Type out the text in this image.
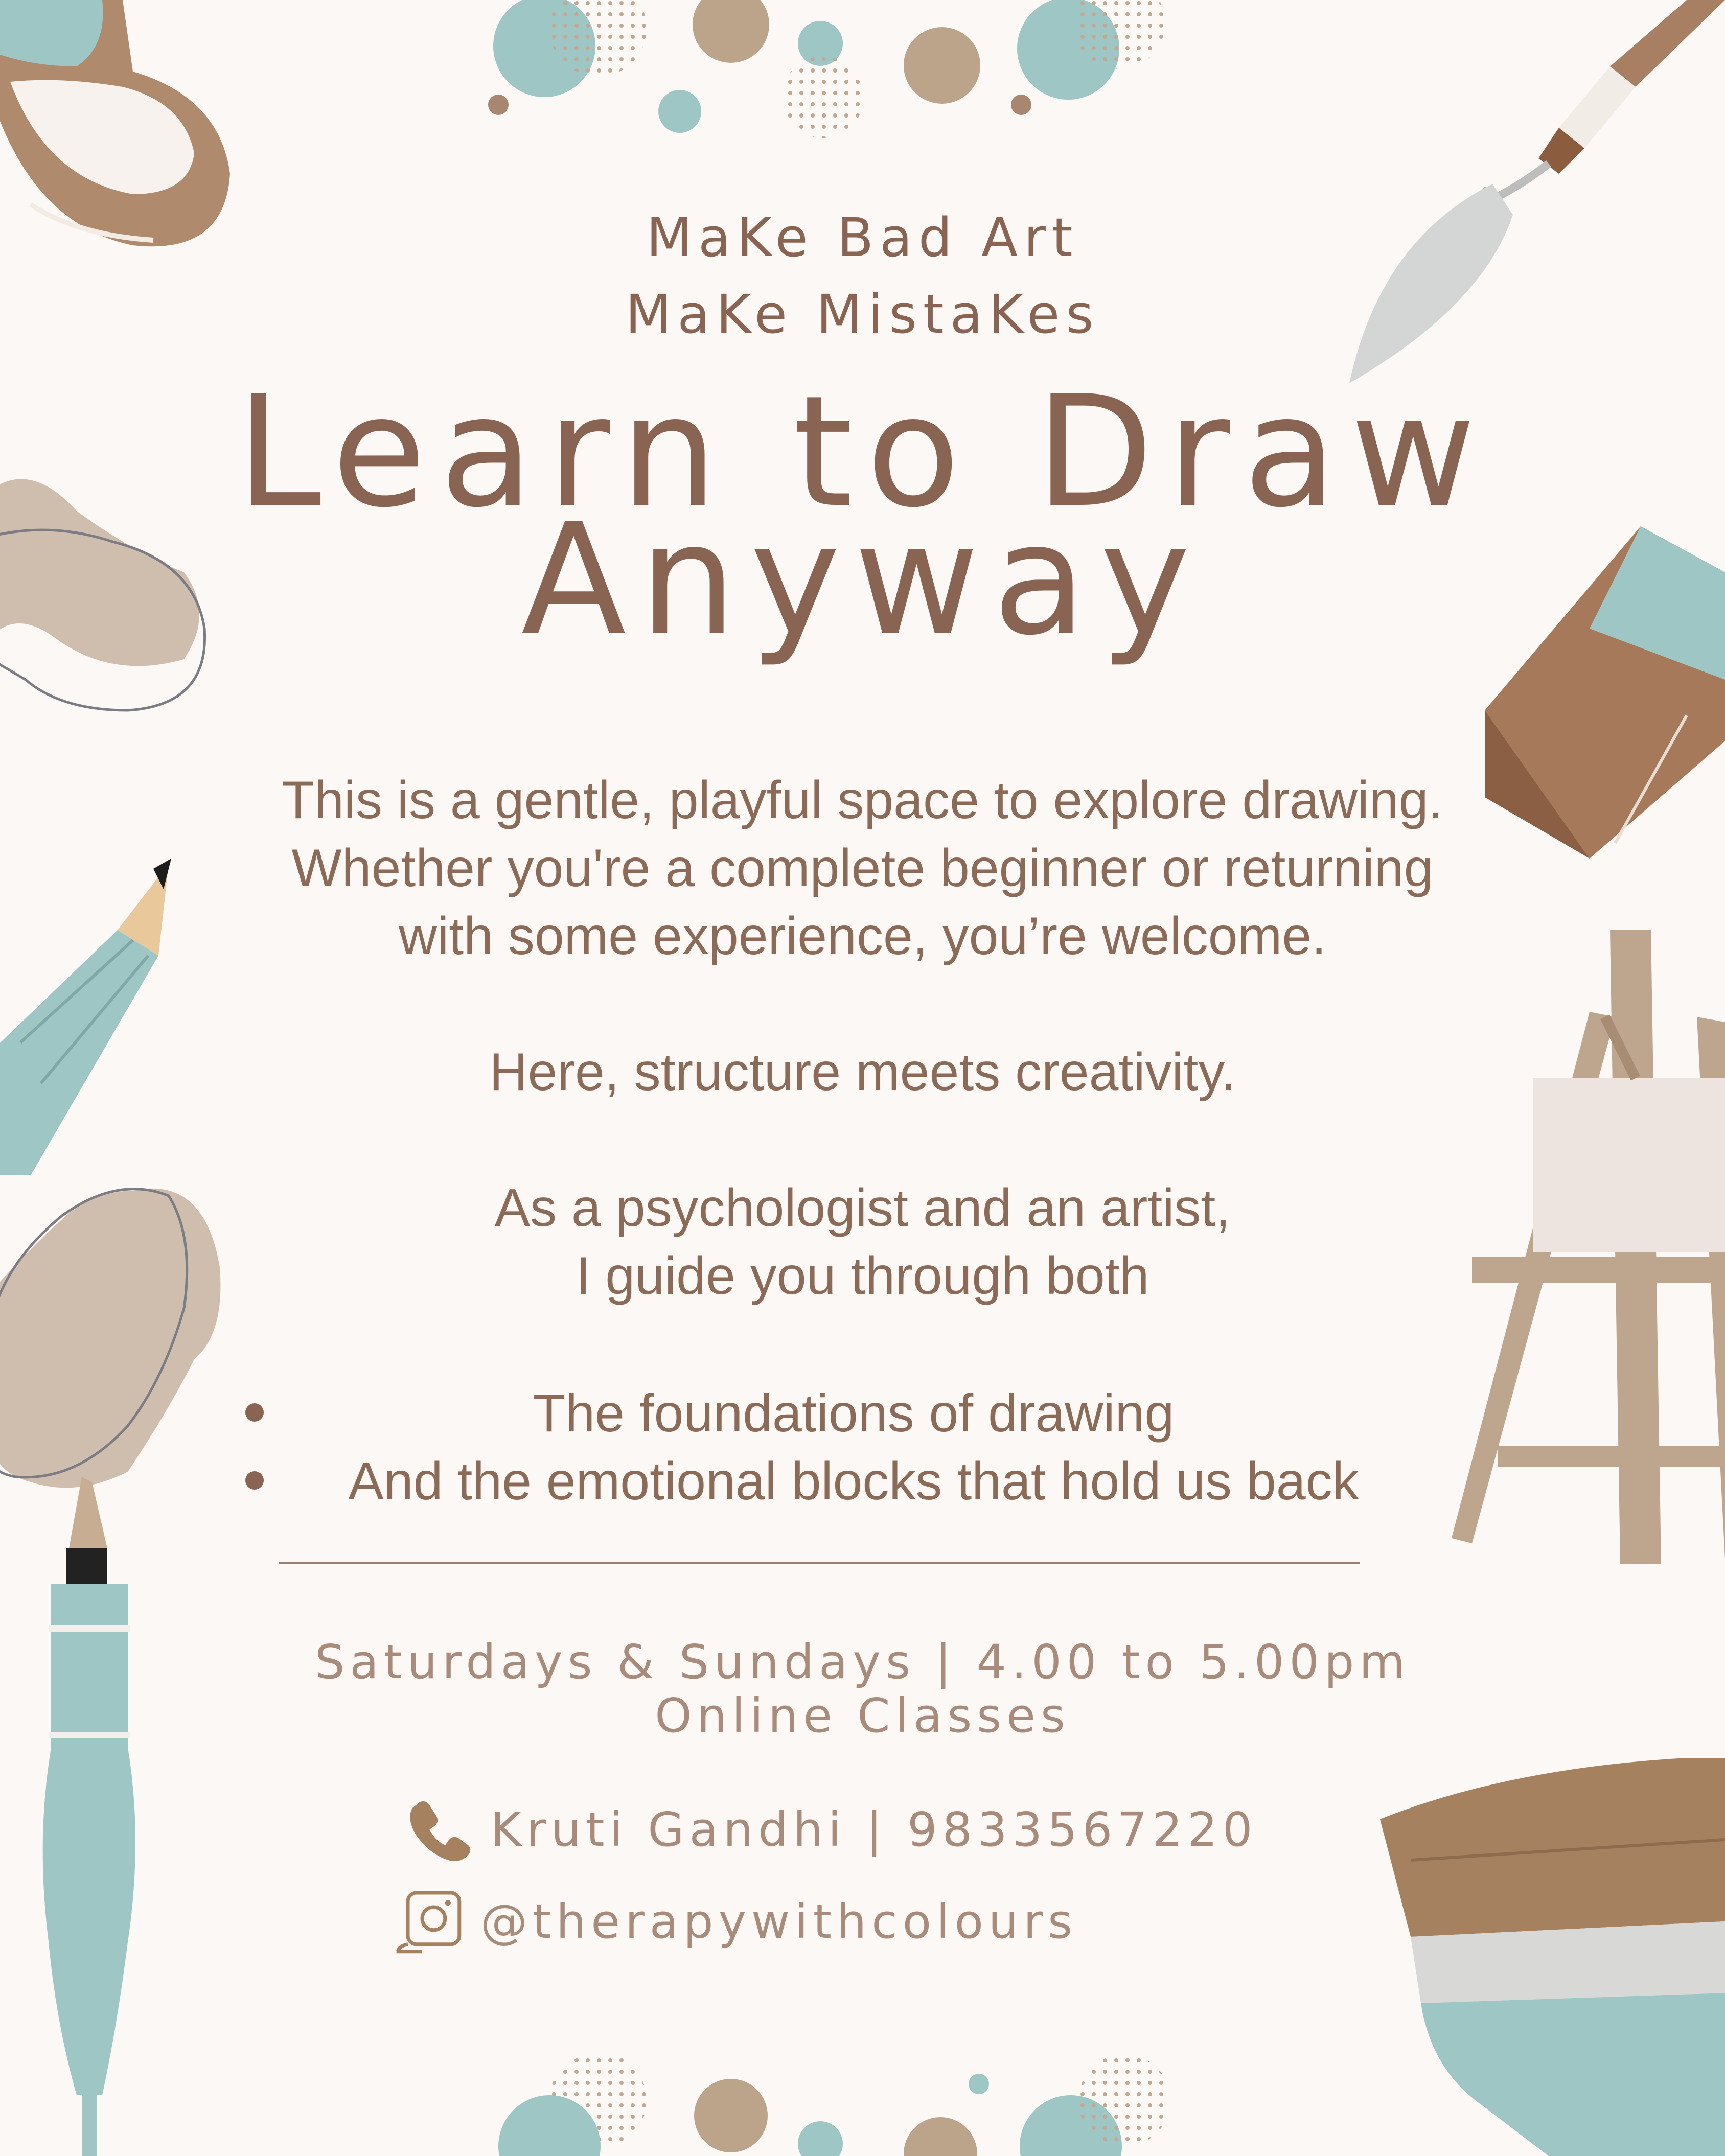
MaKe Bad Art
MaKe MistaKes
Learn to Draw
Anyway
This is a gentle, playful space to explore drawing.
Whether you're a complete beginner or returning
with some experience, you’re welcome.
Here, structure meets creativity.
As a psychologist and an artist,
I guide you through both
The foundations of drawing
And the emotional blocks that hold us back
Saturdays & Sundays | 4.00 to 5.00pm
Online Classes
Kruti Gandhi | 9833567220
@therapywithcolours
